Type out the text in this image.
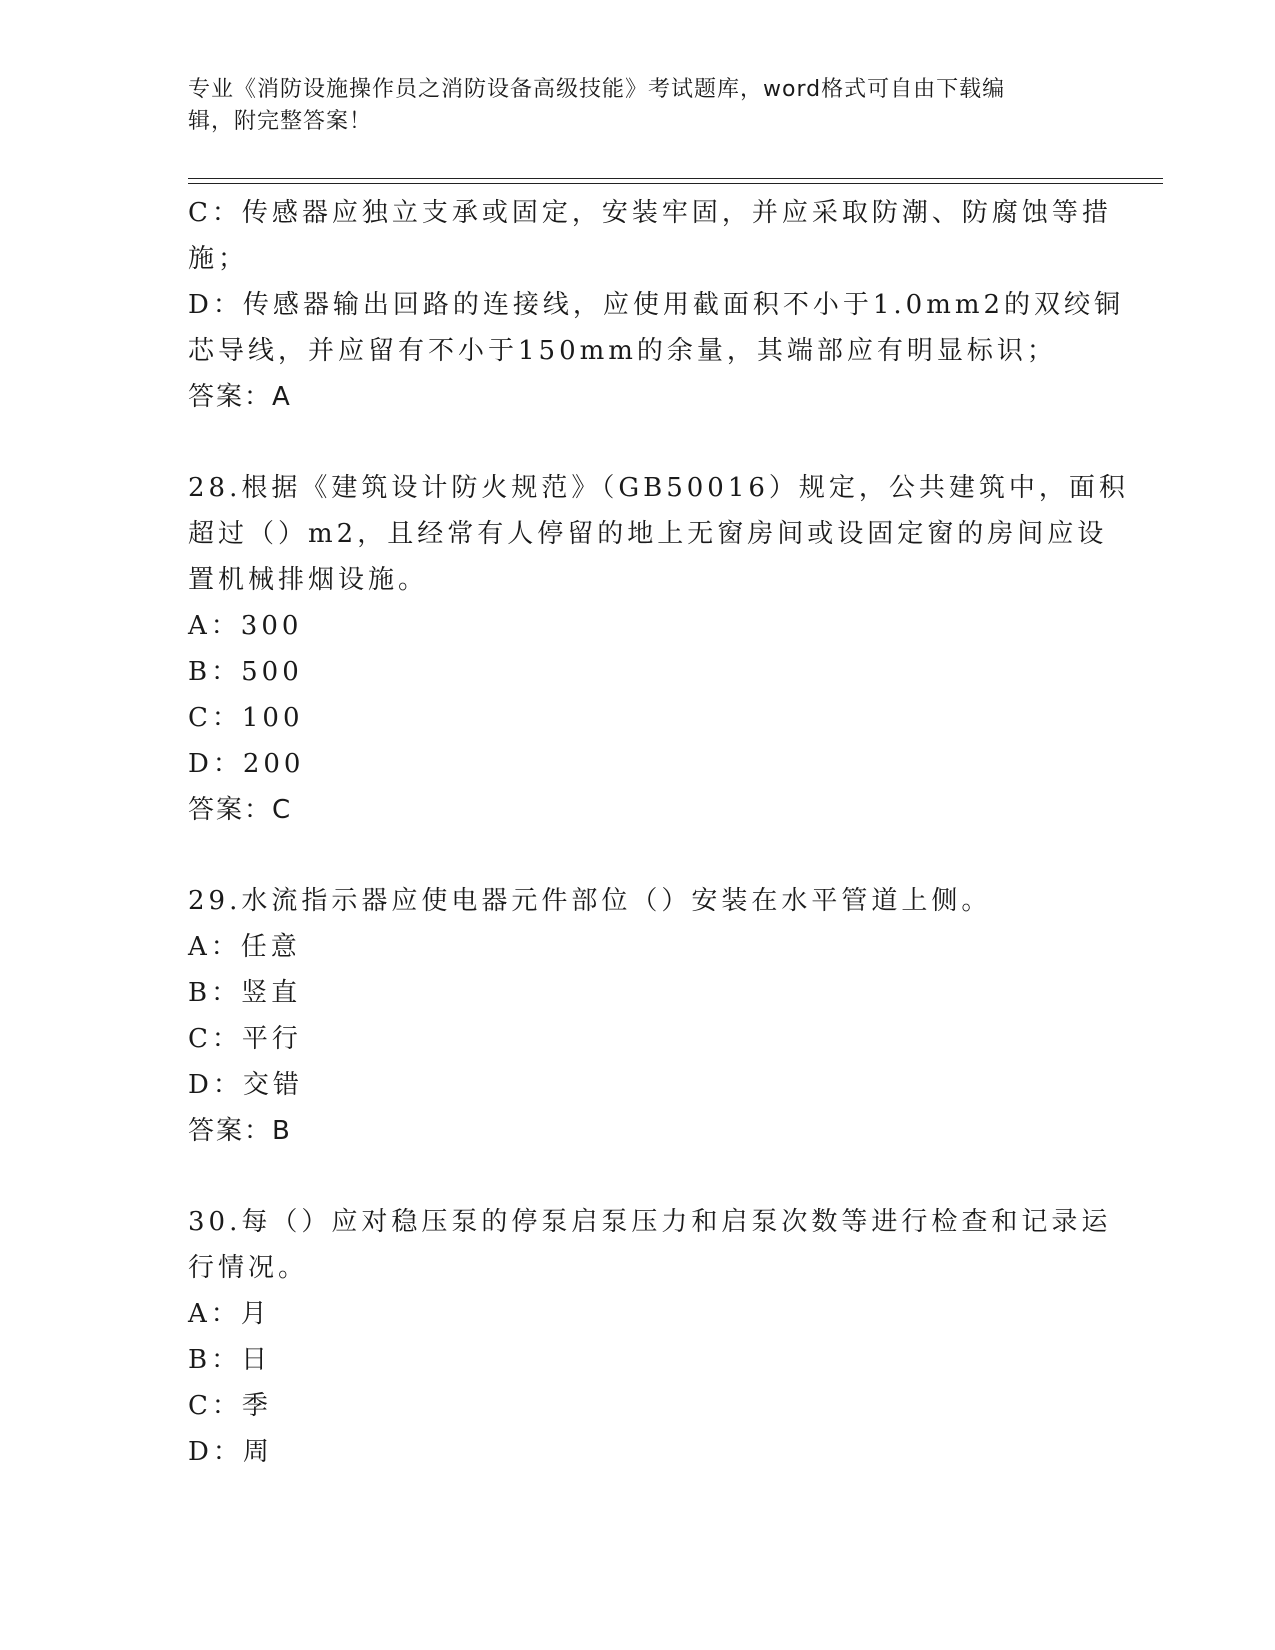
专业《消防设施操作员之消防设备高级技能》考试题库，word格式可自由下载编
辑，附完整答案！
C：传感器应独立支承或固定，安装牢固，并应采取防潮、防腐蚀等措
施；
D：传感器输出回路的连接线，应使用截面积不小于1.0mm2的双绞铜
芯导线，并应留有不小于150mm的余量，其端部应有明显标识；
答案：A
28.根据《建筑设计防火规范》（GB50016）规定，公共建筑中，面积
超过（）m2，且经常有人停留的地上无窗房间或设固定窗的房间应设
置机械排烟设施。
A：300
B：500
C：100
D：200
答案：C
29.水流指示器应使电器元件部位（）安装在水平管道上侧。
A：任意
B：竖直
C：平行
D：交错
答案：B
30.每（）应对稳压泵的停泵启泵压力和启泵次数等进行检查和记录运
行情况。
A：月
B：日
C：季
D：周
